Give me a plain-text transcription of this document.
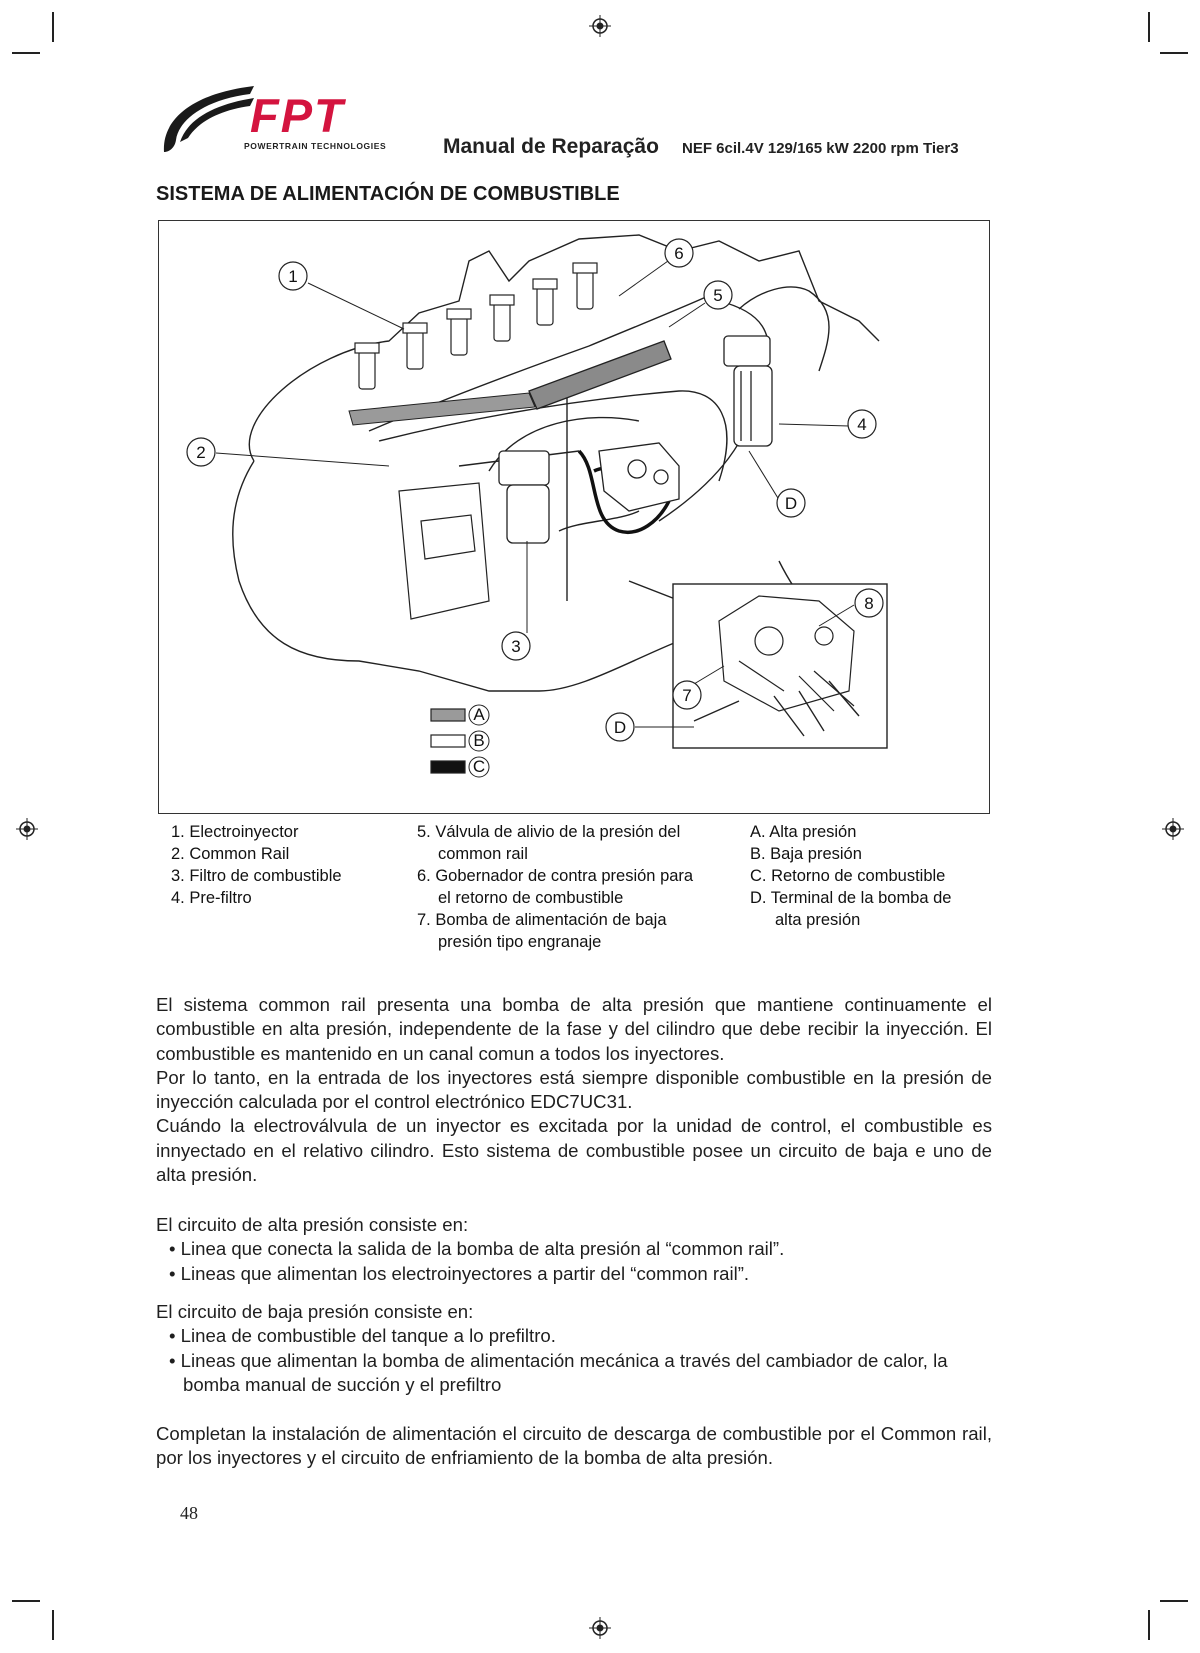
FPT
POWERTRAIN TECHNOLOGIES	Manual de Reparação NEF 6cil.4V 129/165 kW 2200 rpm Tier3
SISTEMA DE ALIMENTACIÓN DE COMBUSTIBLE
1
2
3
4
5
6
7
8
D
D
A
B
C
1. Electroinyector
2. Common Rail
3. Filtro de combustible
4. Pre-filtro
5. Válvula de alivio de la presión del
common rail
6. Gobernador de contra presión para
el retorno de combustible
7. Bomba de alimentación de baja
presión tipo engranaje
A. Alta presión
B. Baja presión
C. Retorno de combustible
D. Terminal de la bomba de
alta presión

El sistema common rail presenta una bomba de alta presión que mantiene continuamente el combustible en alta presión, independente de la fase y del cilindro que debe recibir la inyección. El combustible es mantenido en un canal comun a todos los inyectores.

Por lo tanto, en la entrada de los inyectores está siempre disponible combustible en la presión de inyección calculada por el control electrónico EDC7UC31.

Cuándo la electroválvula de un inyector es excitada por la unidad de control, el combustible es innyectado en el relativo cilindro. Esto sistema de combustible posee un circuito de baja e uno de alta presión.

El circuito de alta presión consiste en:

• Linea que conecta la salida de la bomba de alta presión al “common rail”.
• Lineas que alimentan los electroinyectores a partir del “common rail”.

El circuito de baja presión consiste en:

• Linea de combustible del tanque a lo prefiltro.
• Lineas que alimentan la bomba de alimentación mecánica a través del cambiador de calor, la bomba manual de succión y el prefiltro

Completan la instalación de alimentación el circuito de descarga de combustible por el Common rail, por los inyectores y el circuito de enfriamiento de la bomba de alta presión.

48
